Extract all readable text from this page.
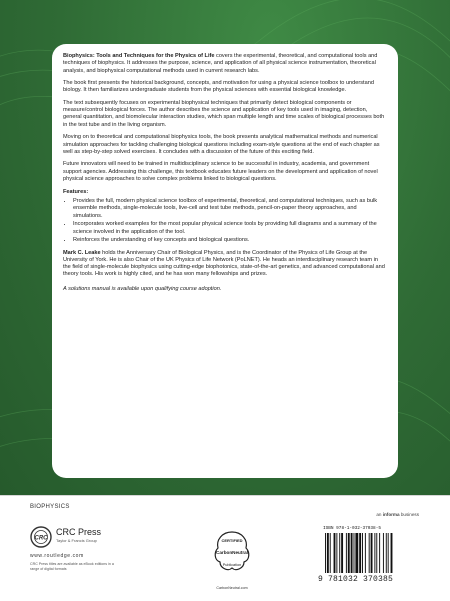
Biophysics: Tools and Techniques for the Physics of Life covers the experimental, theoretical, and computational tools and techniques of biophysics. It addresses the purpose, science, and application of all physical science instrumentation, theoretical analysis, and biophysical computational methods used in current research labs.

The book first presents the historical background, concepts, and motivation for using a physical science toolbox to understand biology. It then familiarizes undergraduate students from the physical sciences with essential biological knowledge.

The text subsequently focuses on experimental biophysical techniques that primarily detect biological components or measure/control biological forces. The author describes the science and application of key tools used in imaging, detection, general quantitation, and biomolecular interaction studies, which span multiple length and time scales of biological processes both in the test tube and in the living organism.

Moving on to theoretical and computational biophysics tools, the book presents analytical mathematical methods and numerical simulation approaches for tackling challenging biological questions including exam-style questions at the end of each chapter as well as step-by-step solved exercises. It concludes with a discussion of the future of this exciting field.

Future innovators will need to be trained in multidisciplinary science to be successful in industry, academia, and government support agencies. Addressing this challenge, this textbook educates future leaders on the development and application of novel physical science approaches to solve complex problems linked to biological questions.

Features:
• Provides the full, modern physical science toolbox of experimental, theoretical, and computational techniques, such as bulk ensemble methods, single-molecule tools, live-cell and test tube methods, pencil-on-paper theory approaches, and simulations.
• Incorporates worked examples for the most popular physical science tools by providing full diagrams and a summary of the science involved in the application of the tool.
• Reinforces the understanding of key concepts and biological questions.

Mark C. Leake holds the Anniversary Chair of Biological Physics, and is the Coordinator of the Physics of Life Group at the University of York. He is also Chair of the UK Physics of Life Network (PoLNET). He heads an interdisciplinary research team in the field of single-molecule biophysics using cutting-edge biophotonics, state-of-the-art genetics, and advanced computational and theory tools. His work is highly cited, and he has won many fellowships and prizes.

A solutions manual is available upon qualifying course adoption.

BIOPHYSICS
an informa business
CRC
CRC Press
Taylor & Francis Group
www.routledge.com
CRC Press titles are available as eBook editions in a range of digital formats
CERTIFIED
CarbonNeutral
Publication
CarbonNeutral.com
ISBN 978-1-032-37038-5
9 781032 370385
